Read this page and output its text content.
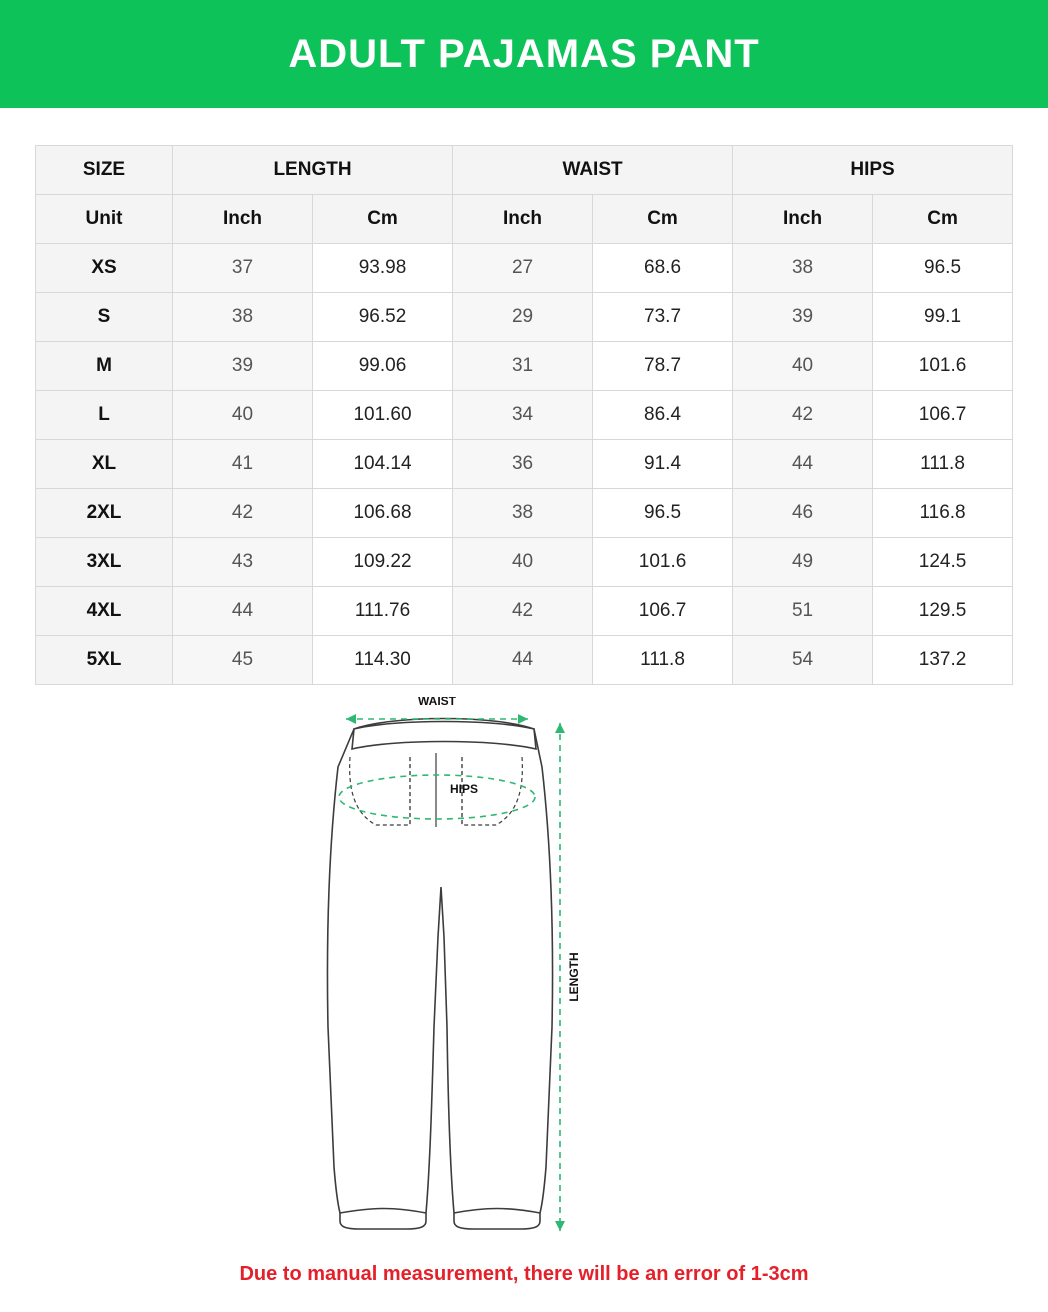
ADULT PAJAMAS PANT
SIZE	LENGTH		WAIST		HIPS	
Unit	Inch	Cm	Inch	Cm	Inch	Cm
XS	37	93.98	27	68.6	38	96.5
S	38	96.52	29	73.7	39	99.1
M	39	99.06	31	78.7	40	101.6
L	40	101.60	34	86.4	42	106.7
XL	41	104.14	36	91.4	44	111.8
2XL	42	106.68	38	96.5	46	116.8
3XL	43	109.22	40	101.6	49	124.5
4XL	44	111.76	42	106.7	51	129.5
5XL	45	114.30	44	111.8	54	137.2
WAIST
HIPS
LENGTH
Due to manual measurement, there will be an error of 1-3cm
